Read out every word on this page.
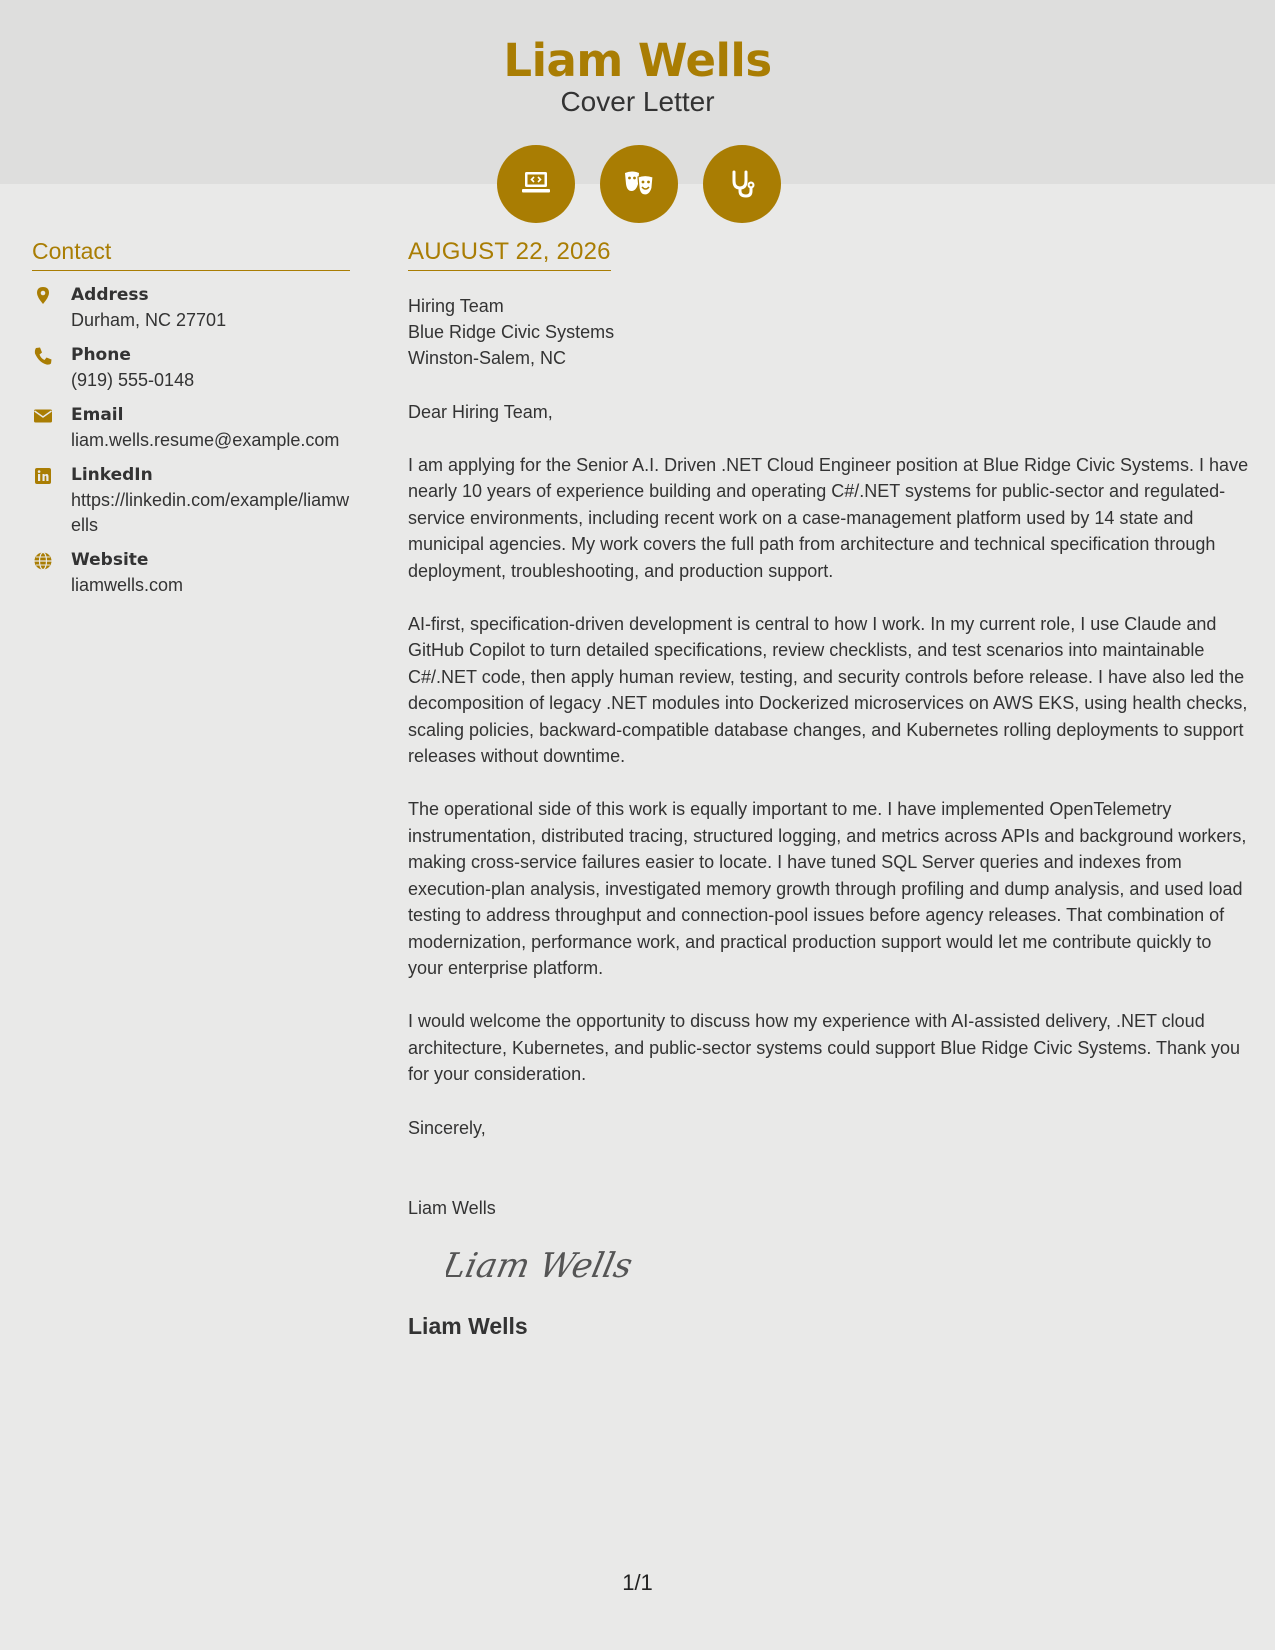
Liam Wells
Cover Letter
Contact
Address
Durham, NC 27701
Phone
(919) 555-0148
Email
liam.wells.resume@example.com
LinkedIn
https://linkedin.com/example/liamwells
Website
liamwells.com
AUGUST 22, 2026
Hiring Team
Blue Ridge Civic Systems
Winston-Salem, NC
Dear Hiring Team,
I am applying for the Senior A.I. Driven .NET Cloud Engineer position at Blue Ridge Civic Systems. I have nearly 10 years of experience building and operating C#/.NET systems for public-sector and regulated-service environments, including recent work on a case-management platform used by 14 state and municipal agencies. My work covers the full path from architecture and technical specification through deployment, troubleshooting, and production support.
AI-first, specification-driven development is central to how I work. In my current role, I use Claude and GitHub Copilot to turn detailed specifications, review checklists, and test scenarios into maintainable C#/.NET code, then apply human review, testing, and security controls before release. I have also led the decomposition of legacy .NET modules into Dockerized microservices on AWS EKS, using health checks, scaling policies, backward-compatible database changes, and Kubernetes rolling deployments to support releases without downtime.
The operational side of this work is equally important to me. I have implemented OpenTelemetry instrumentation, distributed tracing, structured logging, and metrics across APIs and background workers, making cross-service failures easier to locate. I have tuned SQL Server queries and indexes from execution-plan analysis, investigated memory growth through profiling and dump analysis, and used load testing to address throughput and connection-pool issues before agency releases. That combination of modernization, performance work, and practical production support would let me contribute quickly to your enterprise platform.
I would welcome the opportunity to discuss how my experience with AI-assisted delivery, .NET cloud architecture, Kubernetes, and public-sector systems could support Blue Ridge Civic Systems. Thank you for your consideration.
Sincerely,
Liam Wells
Liam Wells
Liam Wells
1/1
